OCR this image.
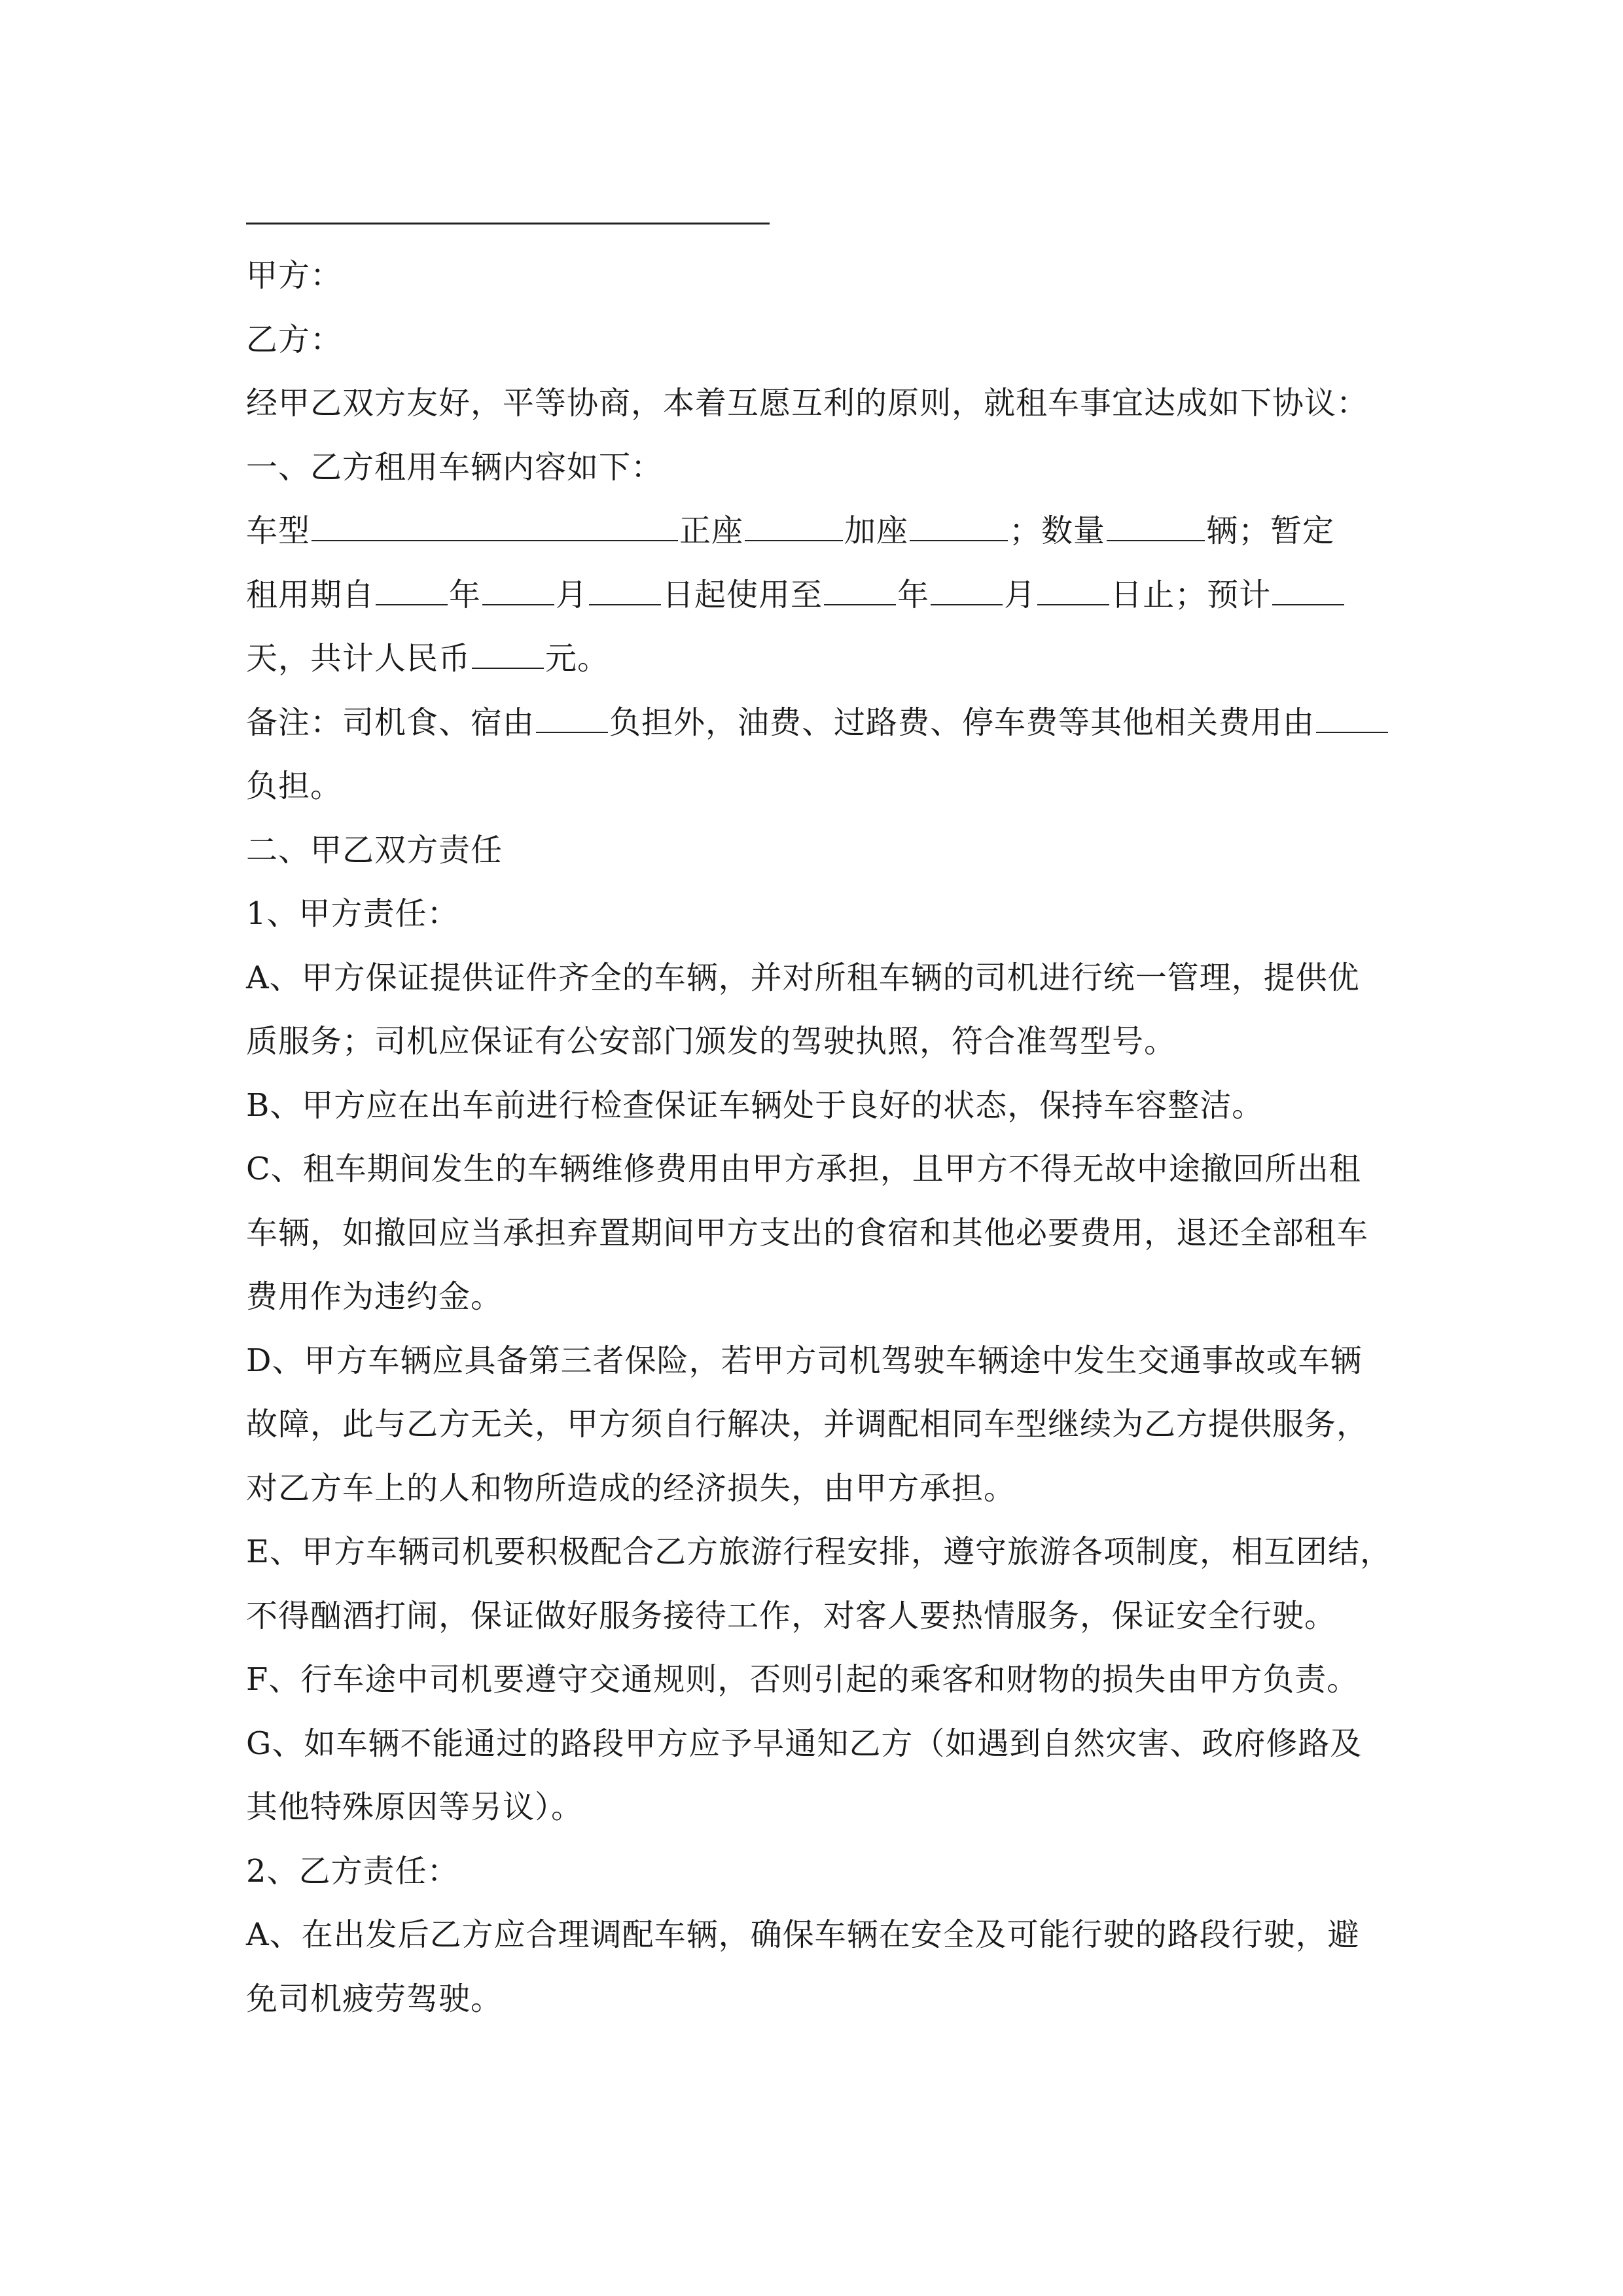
甲方：
乙方：
经甲乙双方友好，平等协商，本着互愿互利的原则，就租车事宜达成如下协议：
一、乙方租用车辆内容如下：
车型	正座	加座	；数量	辆；暂定
租用期自 年 月 日起使用至 年 月 日止；预计
天，共计人民币 元。
备注：司机食、宿由 负担外，油费、过路费、停车费等其他相关费用由
负担。
二、甲乙双方责任
1、甲方责任：
A、甲方保证提供证件齐全的车辆，并对所租车辆的司机进行统一管理，提供优
质服务；司机应保证有公安部门颁发的驾驶执照，符合准驾型号。
B、甲方应在出车前进行检查保证车辆处于良好的状态，保持车容整洁。
C、租车期间发生的车辆维修费用由甲方承担，且甲方不得无故中途撤回所出租
车辆，如撤回应当承担弃置期间甲方支出的食宿和其他必要费用，退还全部租车
费用作为违约金。
D、甲方车辆应具备第三者保险，若甲方司机驾驶车辆途中发生交通事故或车辆
故障，此与乙方无关，甲方须自行解决，并调配相同车型继续为乙方提供服务，
对乙方车上的人和物所造成的经济损失，由甲方承担。
E、甲方车辆司机要积极配合乙方旅游行程安排，遵守旅游各项制度，相互团结，
不得酗酒打闹，保证做好服务接待工作，对客人要热情服务，保证安全行驶。
F、行车途中司机要遵守交通规则，否则引起的乘客和财物的损失由甲方负责。
G、如车辆不能通过的路段甲方应予早通知乙方（如遇到自然灾害、政府修路及
其他特殊原因等另议）。
2、乙方责任：
A、在出发后乙方应合理调配车辆，确保车辆在安全及可能行驶的路段行驶，避
免司机疲劳驾驶。
